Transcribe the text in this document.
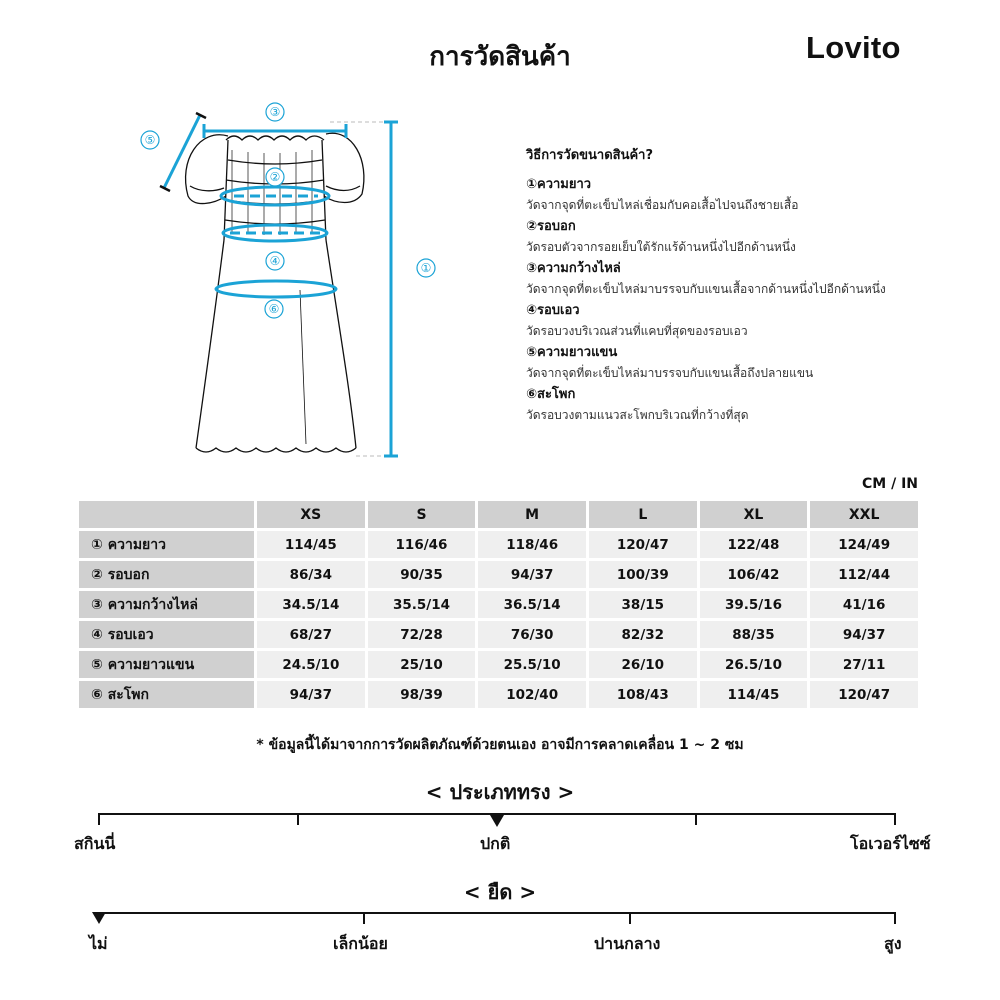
การวัดสินค้า	Lovito
①
②
③
④
⑤
⑥
วิธีการวัดขนาดสินค้า?
①ความยาว
วัดจากจุดที่ตะเข็บไหล่เชื่อมกับคอเสื้อไปจนถึงชายเสื้อ
②รอบอก
วัดรอบตัวจากรอยเย็บใต้รักแร้ด้านหนึ่งไปอีกด้านหนึ่ง
③ความกว้างไหล่
วัดจากจุดที่ตะเข็บไหล่มาบรรจบกับแขนเสื้อจากด้านหนึ่งไปอีกด้านหนึ่ง
④รอบเอว
วัดรอบวงบริเวณส่วนที่แคบที่สุดของรอบเอว
⑤ความยาวแขน
วัดจากจุดที่ตะเข็บไหล่มาบรรจบกับแขนเสื้อถึงปลายแขน
⑥สะโพก
วัดรอบวงตามแนวสะโพกบริเวณที่กว้างที่สุด
CM / IN
	XS	S	M	L	XL	XXL
① ความยาว	114/45	116/46	118/46	120/47	122/48	124/49
② รอบอก	86/34	90/35	94/37	100/39	106/42	112/44
③ ความกว้างไหล่	34.5/14	35.5/14	36.5/14	38/15	39.5/16	41/16
④ รอบเอว	68/27	72/28	76/30	82/32	88/35	94/37
⑤ ความยาวแขน	24.5/10	25/10	25.5/10	26/10	26.5/10	27/11
⑥ สะโพก	94/37	98/39	102/40	108/43	114/45	120/47
* ข้อมูลนี้ได้มาจากการวัดผลิตภัณฑ์ด้วยตนเอง อาจมีการคลาดเคลื่อน 1 ~ 2 ซม
< ประเภททรง >
สกินนี่	ปกติ	โอเวอร์ไซซ์
< ยืด >
ไม่	เล็กน้อย	ปานกลาง	สูง
